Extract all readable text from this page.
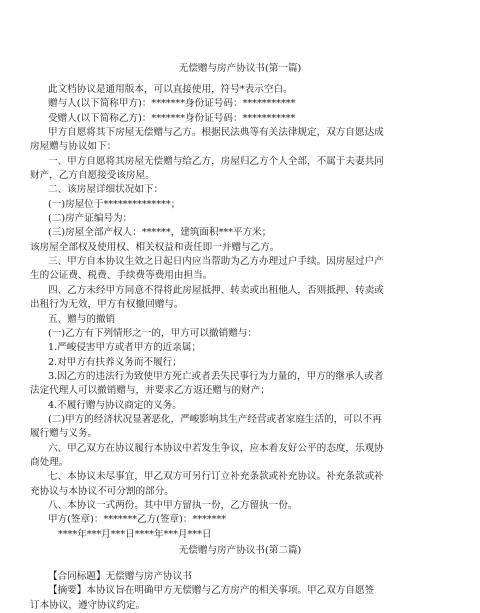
无偿赠与房产协议书(第一篇)
此文档协议是通用版本，可以直接使用，符号*表示空白。
赠与人(以下简称甲方)：*******身份证号码：***********
受赠人(以下简称乙方)：*******身份证号码：***********
甲方自愿将其下房屋无偿赠与乙方。根据民法典等有关法律规定，双方自愿达成
房屋赠与协议如下：
一、甲方自愿将其房屋无偿赠与给乙方，房屋归乙方个人全部，不属于夫妻共同
财产，乙方自愿接受该房屋。
二、该房屋详细状况如下：
(一)房屋位于**************；
(二)房产证编号为：
(三)房屋全部产权人：******，建筑面积***平方米；
该房屋全部权及使用权、相关权益和责任即一并赠与乙方。
三、甲方自本协议生效之日起日内应当帮助为乙方办理过户手续。因房屋过户产
生的公证费、税费、手续费等费用由担当。
四、乙方未经甲方同意不得将此房屋抵押、转卖或出租他人，否则抵押、转卖或
出租行为无效，甲方有权撤回赠与。
五、赠与的撤销
(一)乙方有下列情形之一的，甲方可以撤销赠与：
1.严峻侵害甲方或者甲方的近亲属；
2.对甲方有扶养义务而不履行；
3.因乙方的违法行为致使甲方死亡或者丢失民事行为力量的，甲方的继承人或者
法定代理人可以撤销赠与，并要求乙方返还赠与的财产；
4.不履行赠与协议商定的义务。
(二)甲方的经济状况显著恶化，严峻影响其生产经营或者家庭生活的，可以不再
履行赠与义务。
六、甲乙双方在协议履行本协议中若发生争议，应本着友好公平的态度，乐观协
商处理。
七、本协议未尽事宜，甲乙双方可另行订立补充条款或补充协议。补充条款或补
充协议与本协议不可分割的部分。
八、本协议一式两份。其中甲方留执一份，乙方留执一份。
甲方(签章)：*******乙方(签章)：*******
****年***月***日****年***月***日
无偿赠与房产协议书(第二篇)
【合同标题】无偿赠与房产协议书
【摘要】本协议旨在明确甲方无偿赠与乙方房产的相关事项。甲乙双方自愿签
订本协议，遵守协议约定。
